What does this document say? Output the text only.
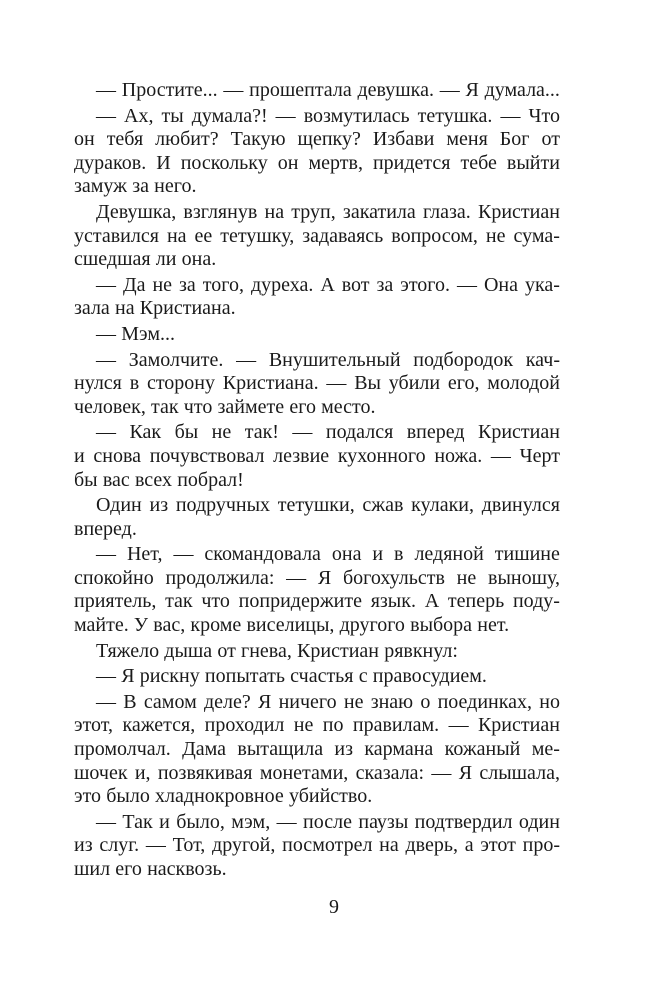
— Простите... — прошептала девушка. — Я думала...
— Ах, ты думала?! — возмутилась тетушка. — Что
он тебя любит? Такую щепку? Избави меня Бог от
дураков. И поскольку он мертв, придется тебе выйти
замуж за него.
Девушка, взглянув на труп, закатила глаза. Кристиан
уставился на ее тетушку, задаваясь вопросом, не сума-
сшедшая ли она.
— Да не за того, дуреха. А вот за этого. — Она ука-
зала на Кристиана.
— Мэм...
— Замолчите. — Внушительный подбородок кач-
нулся в сторону Кристиана. — Вы убили его, молодой
человек, так что займете его место.
— Как бы не так! — подался вперед Кристиан
и снова почувствовал лезвие кухонного ножа. — Черт
бы вас всех побрал!
Один из подручных тетушки, сжав кулаки, двинулся
вперед.
— Нет, — скомандовала она и в ледяной тишине
спокойно продолжила: — Я богохульств не выношу,
приятель, так что попридержите язык. А теперь поду-
майте. У вас, кроме виселицы, другого выбора нет.
Тяжело дыша от гнева, Кристиан рявкнул:
— Я рискну попытать счастья с правосудием.
— В самом деле? Я ничего не знаю о поединках, но
этот, кажется, проходил не по правилам. — Кристиан
промолчал. Дама вытащила из кармана кожаный ме-
шочек и, позвякивая монетами, сказала: — Я слышала,
это было хладнокровное убийство.
— Так и было, мэм, — после паузы подтвердил один
из слуг. — Тот, другой, посмотрел на дверь, а этот про-
шил его насквозь.
9
